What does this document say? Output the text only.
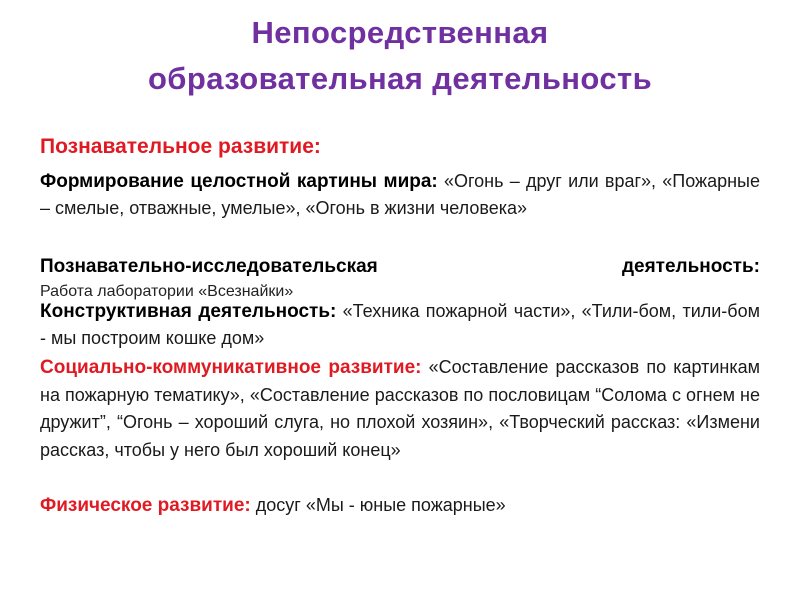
Непосредственная
образовательная деятельность

Познавательное развитие:

Формирование целостной картины мира: «Огонь – друг или враг», «Пожарные – смелые, отважные, умелые», «Огонь в жизни человека»

Познавательно-исследовательская деятельность:

Работа лаборатории «Всезнайки»

Конструктивная деятельность: «Техника пожарной части», «Тили-бом, тили-бом - мы построим кошке дом»

Социально-коммуникативное развитие: «Составление рассказов по картинкам на пожарную тематику», «Составление рассказов по пословицам “Солома с огнем не дружит”, “Огонь – хороший слуга, но плохой хозяин», «Творческий рассказ: «Измени рассказ, чтобы у него был хороший конец»

Физическое развитие: досуг «Мы - юные пожарные»
